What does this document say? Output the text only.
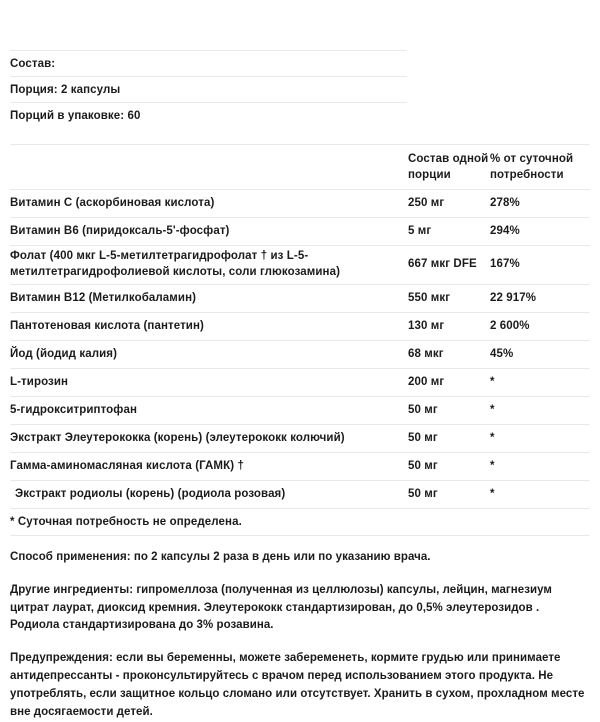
Состав:
Порция: 2 капсулы
Порций в упаковке: 60
	Состав одной порции	% от суточной потребности
Витамин C (аскорбиновая кислота)	250 мг	278%
Витамин B6 (пиридоксаль-5'-фосфат)	5 мг	294%
Фолат (400 мкг L-5-метилтетрагидрофолат † из L-5-метилтетрагидрофолиевой кислоты, соли глюкозамина)	667 мкг DFE	167%
Витамин B12 (Метилкобаламин)	550 мкг	22 917%
Пантотеновая кислота (пантетин)	130 мг	2 600%
Йод (йодид калия)	68 мкг	45%
L-тирозин	200 мг	*
5-гидрокситриптофан	50 мг	*
Экстракт Элеутерококка (корень) (элеутерококк колючий)	50 мг	*
Гамма-аминомасляная кислота (ГАМК) †	50 мг	*
Экстракт родиолы (корень) (родиола розовая)	50 мг	*
* Суточная потребность не определена.

Способ применения: по 2 капсулы 2 раза в день или по указанию врача.

Другие ингредиенты: гипромеллоза (полученная из целлюлозы) капсулы, лейцин, магнезиум цитрат лаурат, диоксид кремния. Элеутерококк стандартизирован, до 0,5% элеутерозидов . Родиола стандартизирована до 3% розавина.

Предупреждения: если вы беременны, можете забеременеть, кормите грудью или принимаете антидепрессанты - проконсультируйтесь с врачом перед использованием этого продукта. Не употреблять, если защитное кольцо сломано или отсутствует. Хранить в сухом, прохладном месте вне досягаемости детей.
